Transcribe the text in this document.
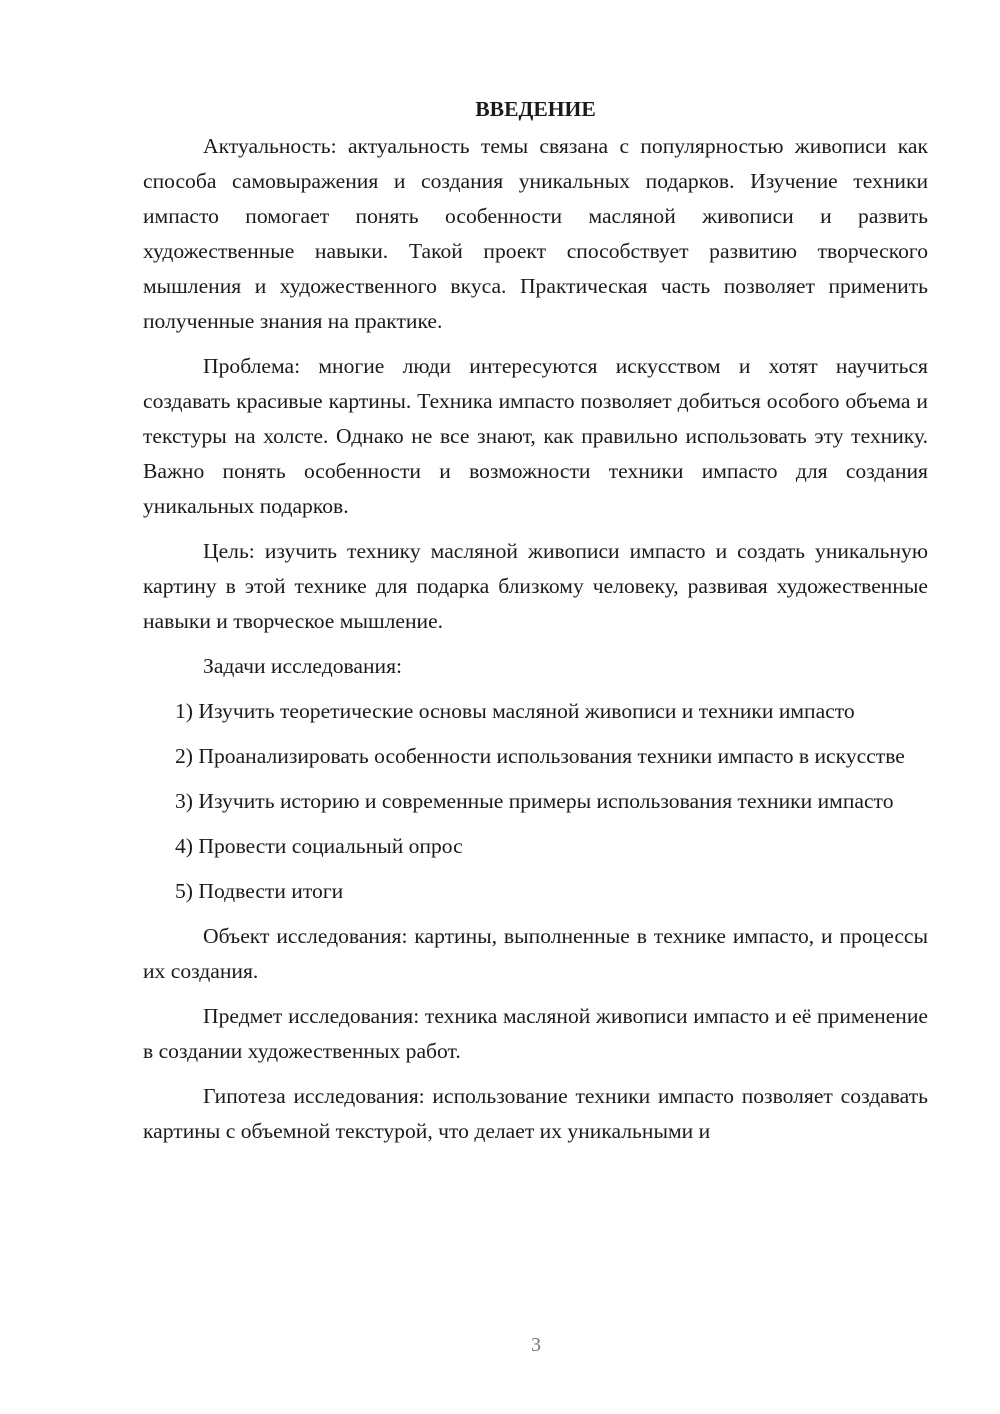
ВВЕДЕНИЕ

Актуальность: актуальность темы связана с популярностью живописи как способа самовыражения и создания уникальных подарков. Изучение техники импасто помогает понять особенности масляной живописи и развить художественные навыки. Такой проект способствует развитию творческого мышления и художественного вкуса. Практическая часть позволяет применить полученные знания на практике.

Проблема: многие люди интересуются искусством и хотят научиться создавать красивые картины. Техника импасто позволяет добиться особого объема и текстуры на холсте. Однако не все знают, как правильно использовать эту технику. Важно понять особенности и возможности техники импасто для создания уникальных подарков.

Цель: изучить технику масляной живописи импасто и создать уникальную картину в этой технике для подарка близкому человеку, развивая художественные навыки и творческое мышление.

Задачи исследования:

1) Изучить теоретические основы масляной живописи и техники импасто

2) Проанализировать особенности использования техники импасто в искусстве

3) Изучить историю и современные примеры использования техники импасто

4) Провести социальный опрос

5) Подвести итоги

Объект исследования: картины, выполненные в технике импасто, и процессы их создания.

Предмет исследования: техника масляной живописи импасто и её применение в создании художественных работ.

Гипотеза исследования: использование техники импасто позволяет создавать картины с объемной текстурой, что делает их уникальными и

3
